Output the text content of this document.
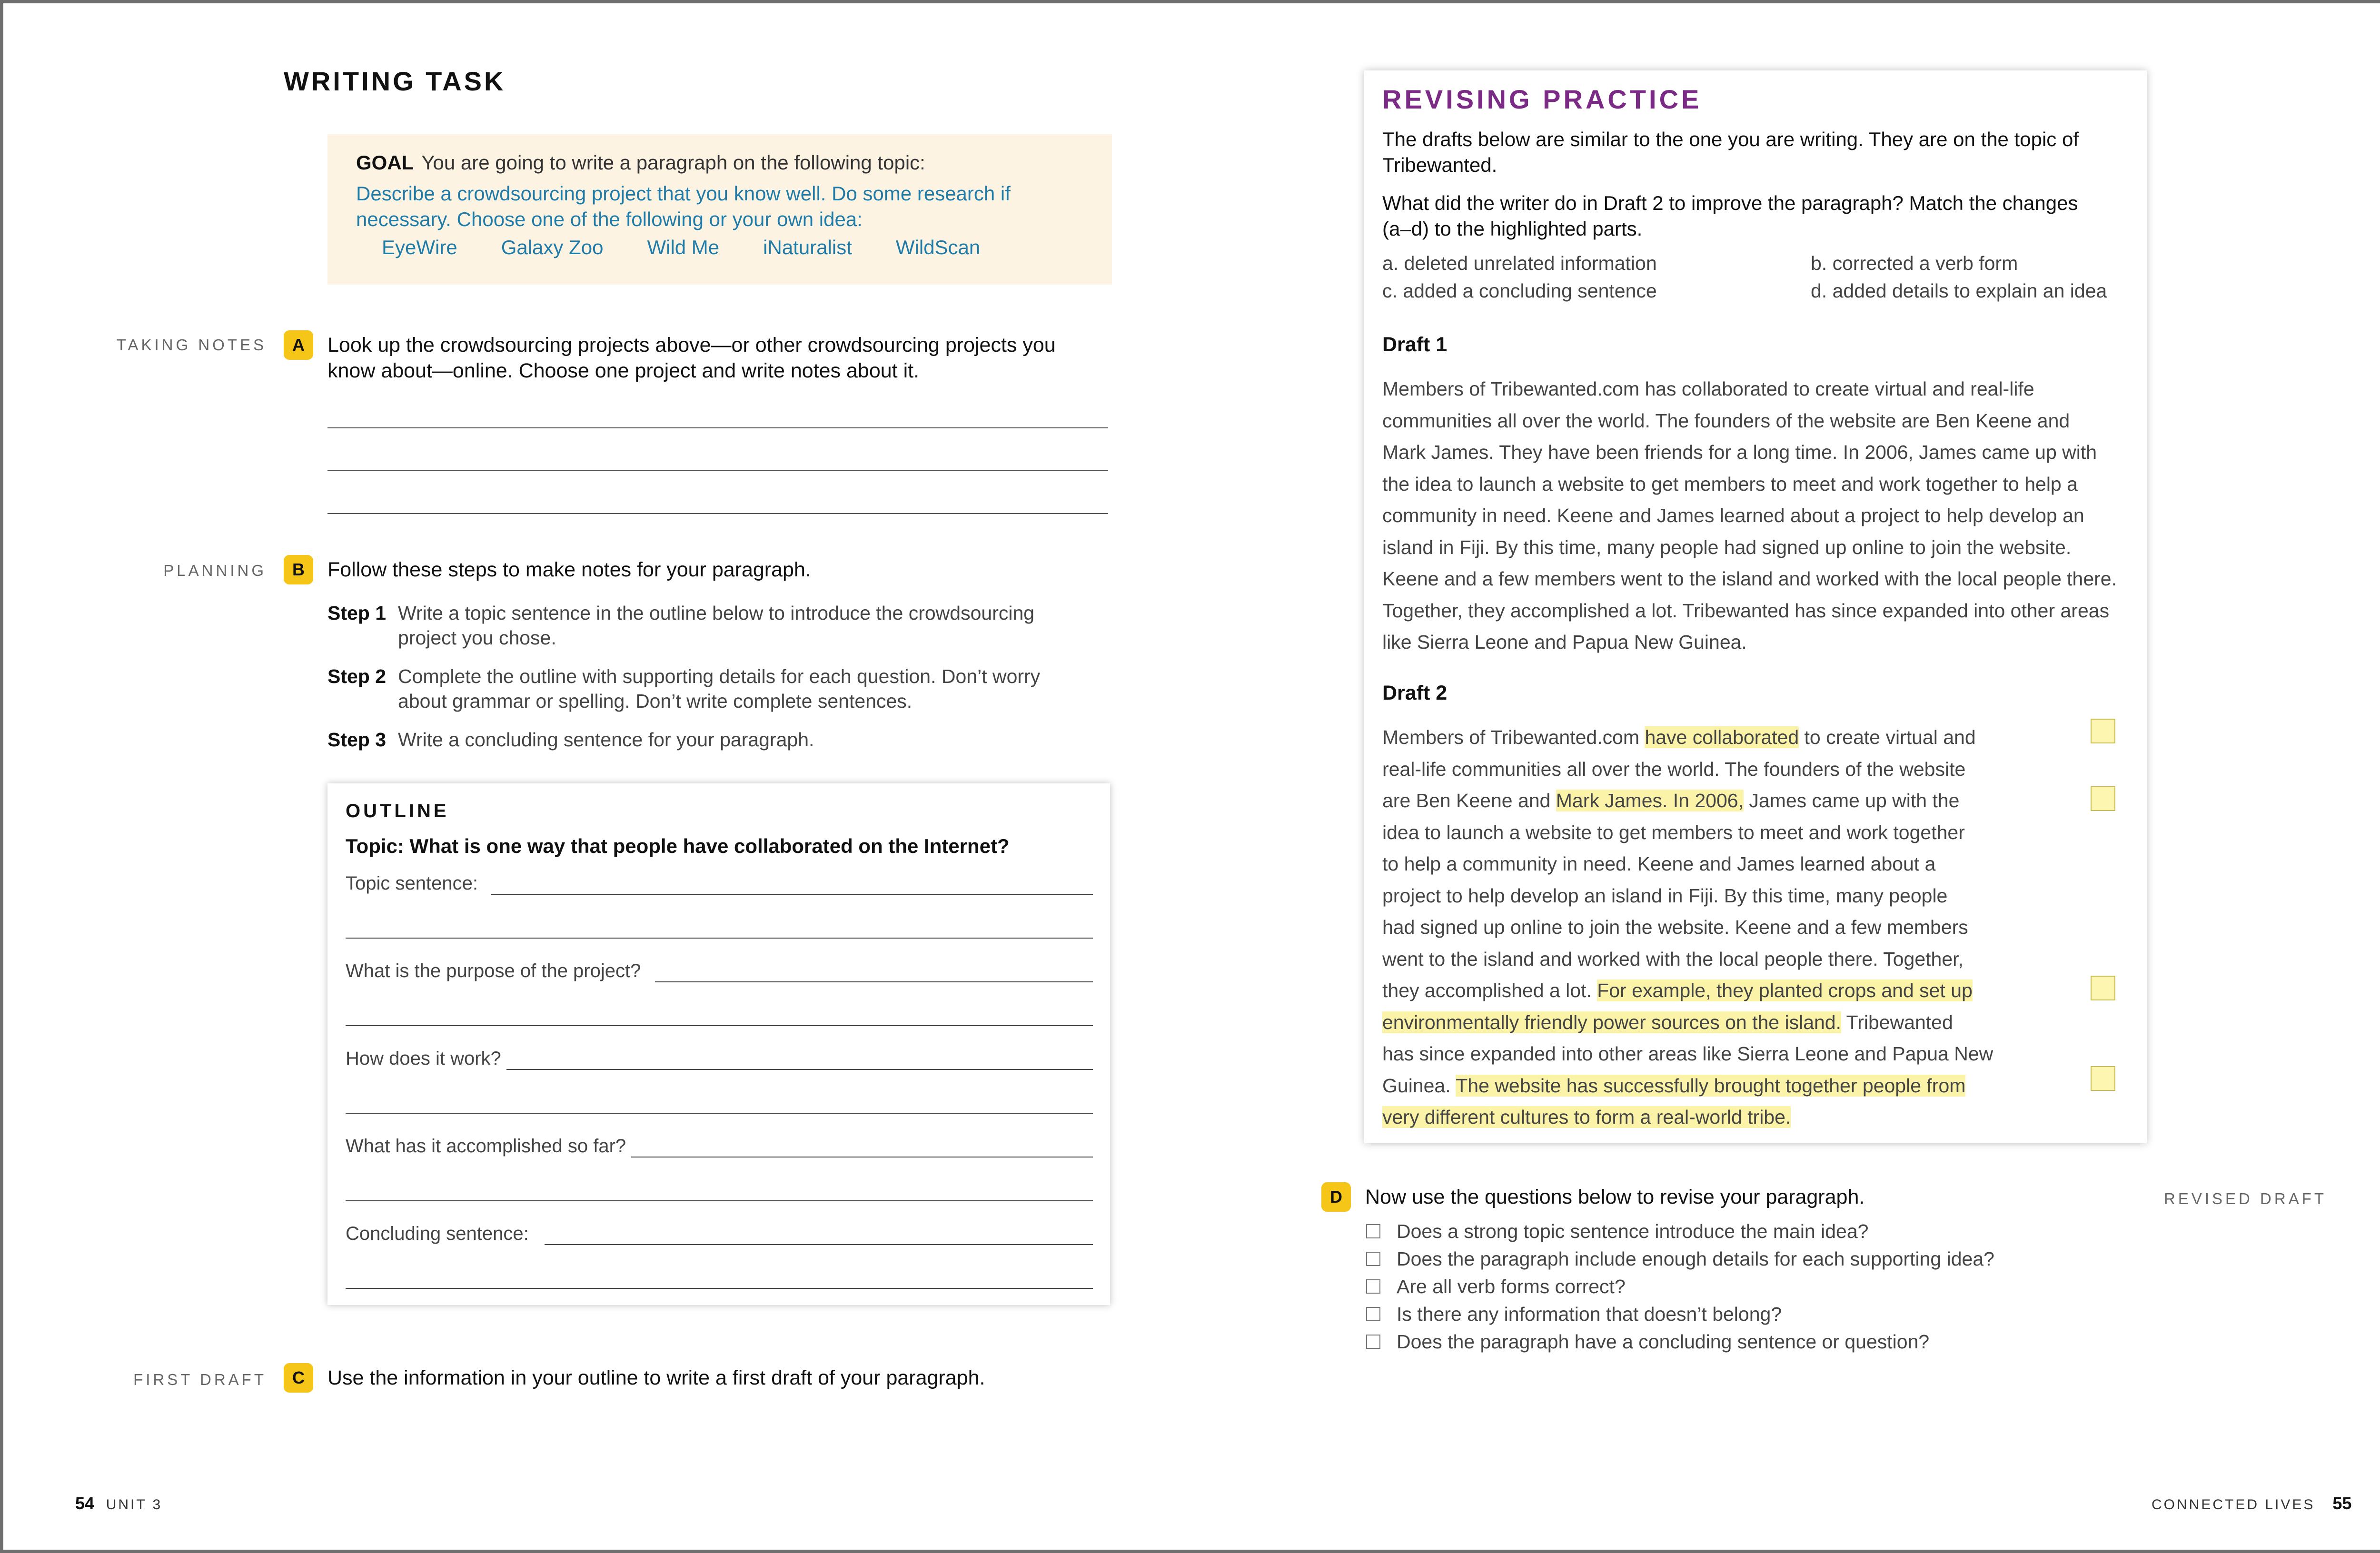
WRITING TASK
GOAL You are going to write a paragraph on the following topic:
Describe a crowdsourcing project that you know well. Do some research if
necessary. Choose one of the following or your own idea:
EyeWire Galaxy Zoo Wild Me iNaturalist WildScan
TAKING NOTES	A	Look up the crowdsourcing projects above—or other crowdsourcing projects you
know about—online. Choose one project and write notes about it.
PLANNING	B	Follow these steps to make notes for your paragraph.
Step 1 Write a topic sentence in the outline below to introduce the crowdsourcing
project you chose.
Step 2 Complete the outline with supporting details for each question. Don’t worry
about grammar or spelling. Don’t write complete sentences.
Step 3 Write a concluding sentence for your paragraph.
OUTLINE
Topic: What is one way that people have collaborated on the Internet?
Topic sentence:
What is the purpose of the project?
How does it work?
What has it accomplished so far?
Concluding sentence:
FIRST DRAFT	C	Use the information in your outline to write a first draft of your paragraph.
54 UNIT 3
REVISING PRACTICE
The drafts below are similar to the one you are writing. They are on the topic of
Tribewanted.
What did the writer do in Draft 2 to improve the paragraph? Match the changes
(a–d) to the highlighted parts.
a. deleted unrelated information	b. corrected a verb form
c. added a concluding sentence	d. added details to explain an idea
Draft 1
Members of Tribewanted.com has collaborated to create virtual and real-life
communities all over the world. The founders of the website are Ben Keene and
Mark James. They have been friends for a long time. In 2006, James came up with
the idea to launch a website to get members to meet and work together to help a
community in need. Keene and James learned about a project to help develop an
island in Fiji. By this time, many people had signed up online to join the website.
Keene and a few members went to the island and worked with the local people there.
Together, they accomplished a lot. Tribewanted has since expanded into other areas
like Sierra Leone and Papua New Guinea.
Draft 2
Members of Tribewanted.com have collaborated to create virtual and
real-life communities all over the world. The founders of the website
are Ben Keene and Mark James. In 2006, James came up with the
idea to launch a website to get members to meet and work together
to help a community in need. Keene and James learned about a
project to help develop an island in Fiji. By this time, many people
had signed up online to join the website. Keene and a few members
went to the island and worked with the local people there. Together,
they accomplished a lot. For example, they planted crops and set up
environmentally friendly power sources on the island. Tribewanted
has since expanded into other areas like Sierra Leone and Papua New
Guinea. The website has successfully brought together people from
very different cultures to form a real-world tribe.
D	Now use the questions below to revise your paragraph.	REVISED DRAFT
Does a strong topic sentence introduce the main idea?
Does the paragraph include enough details for each supporting idea?
Are all verb forms correct?
Is there any information that doesn’t belong?
Does the paragraph have a concluding sentence or question?
CONNECTED LIVES 55
